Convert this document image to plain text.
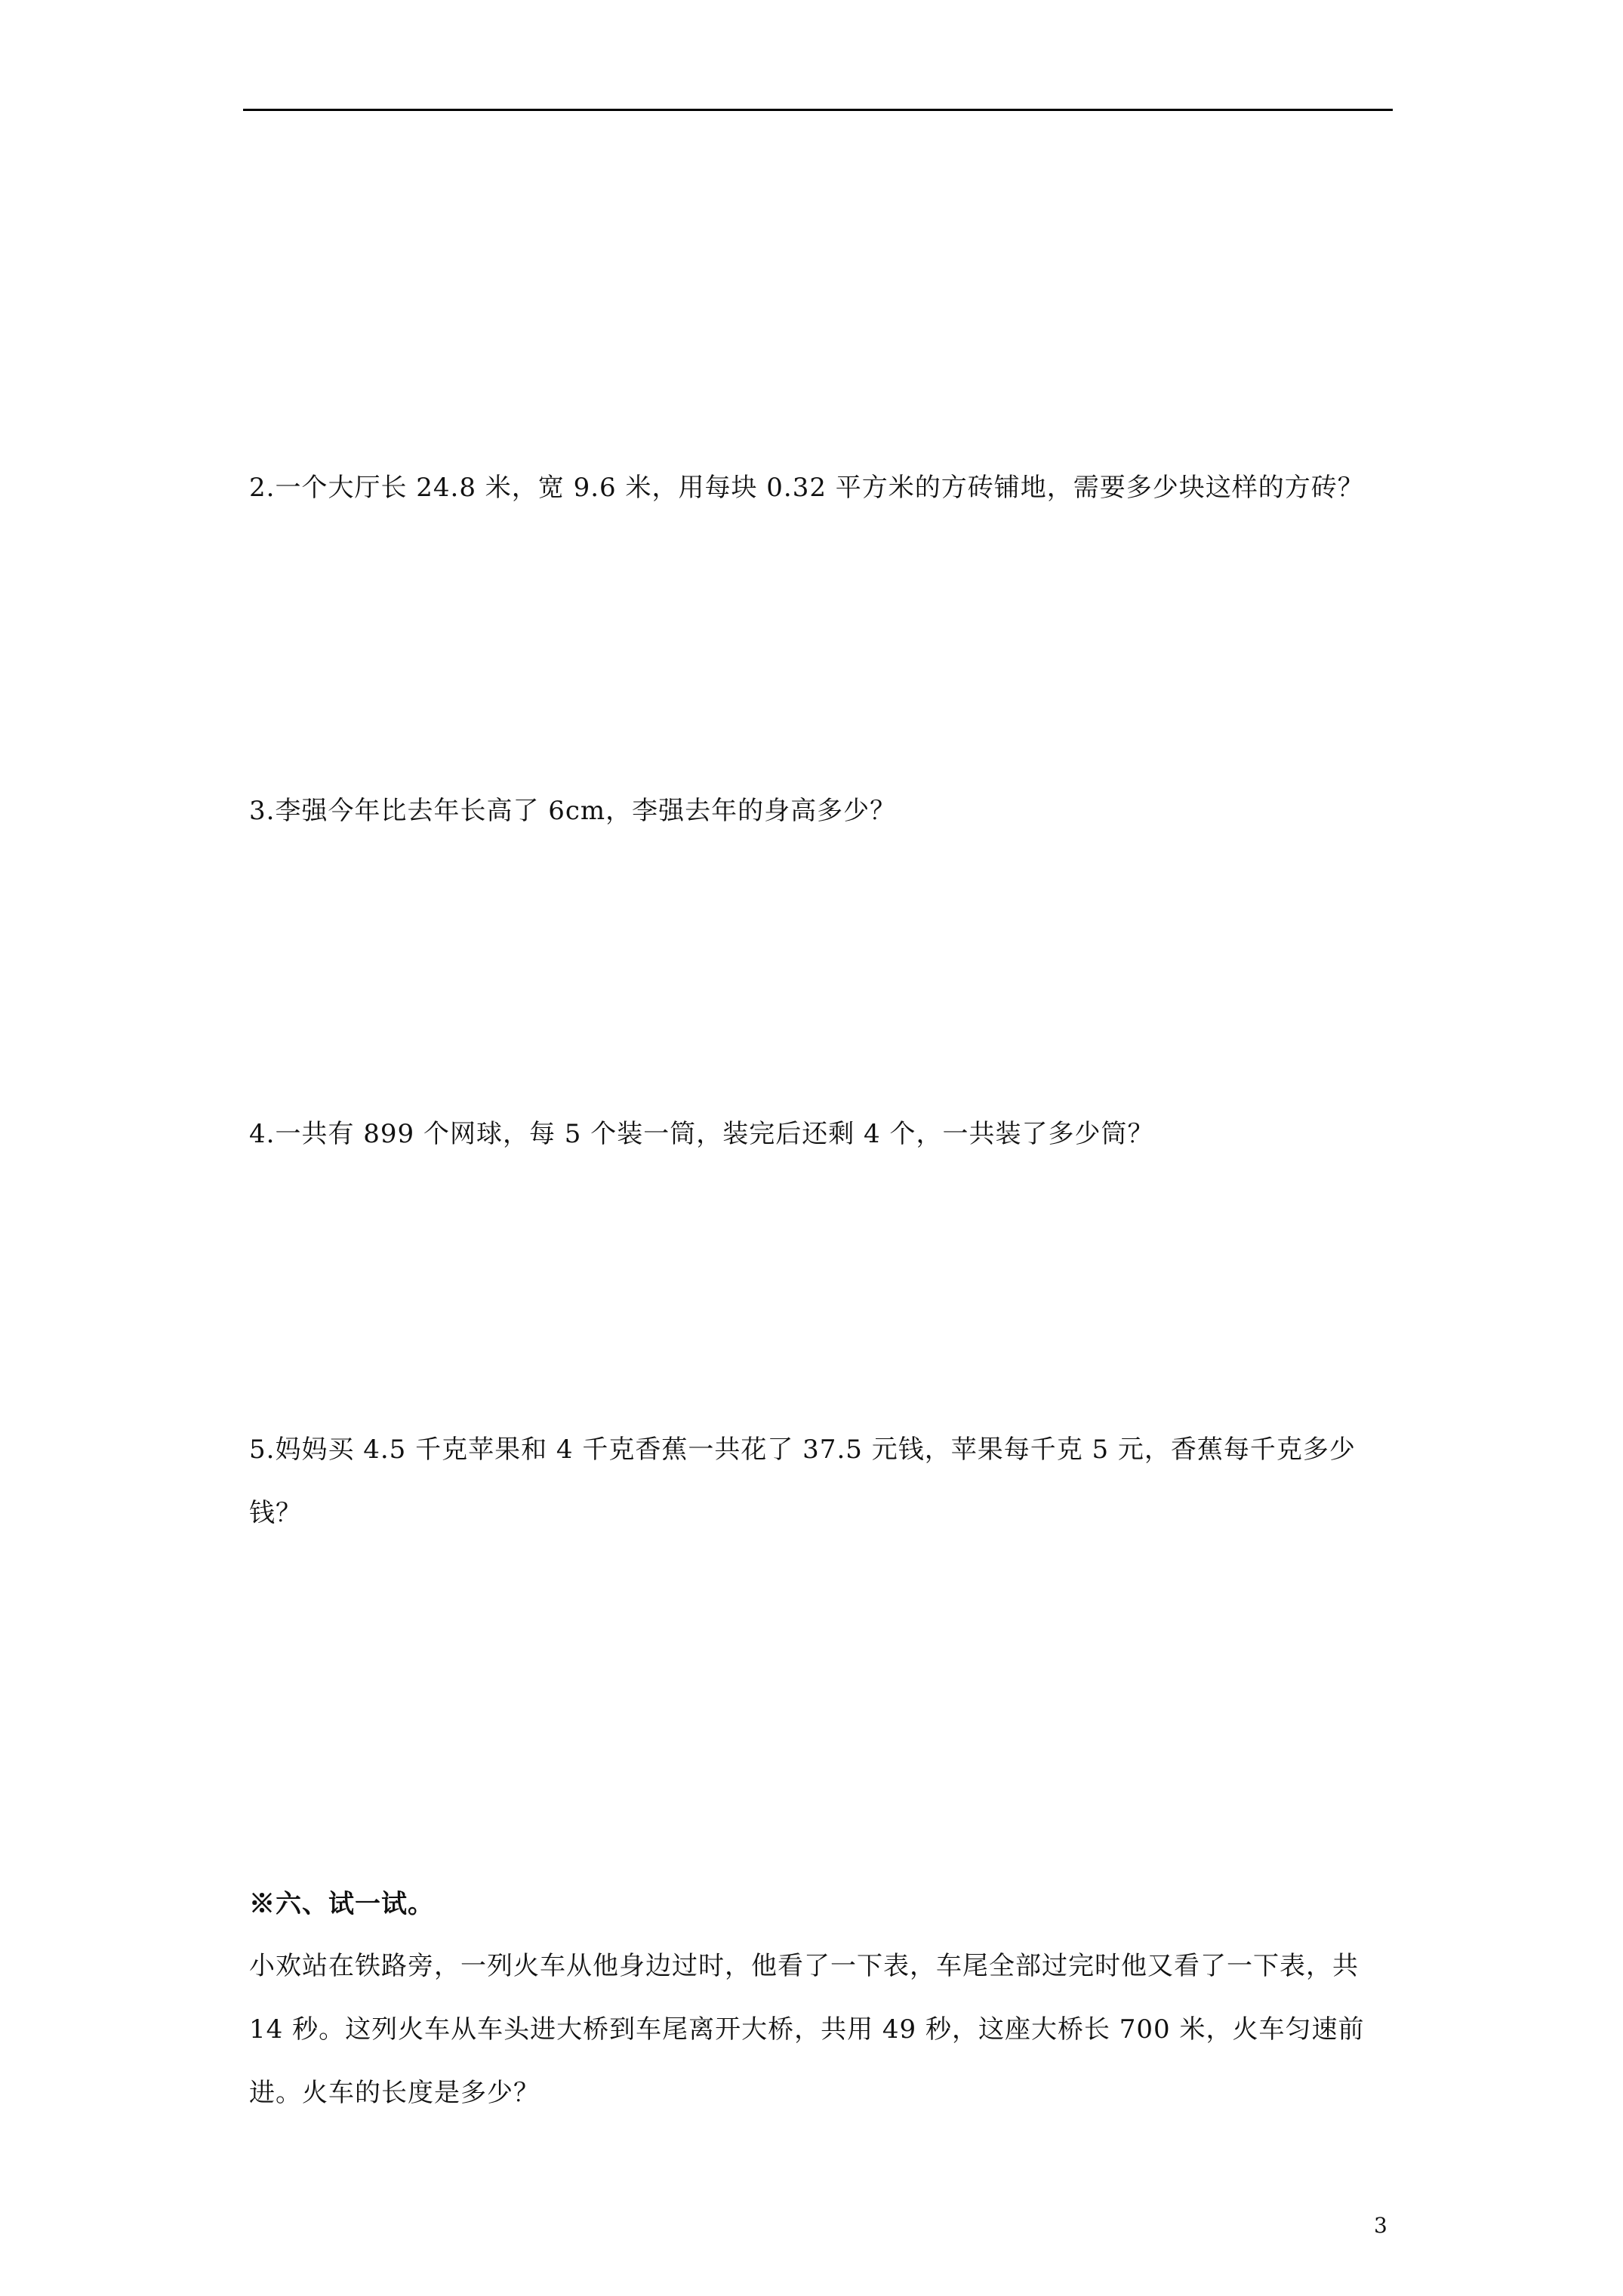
2.一个大厅长 24.8 米，宽 9.6 米，用每块 0.32 平方米的方砖铺地，需要多少块这样的方砖？
3.李强今年比去年长高了 6cm，李强去年的身高多少？
4.一共有 899 个网球，每 5 个装一筒，装完后还剩 4 个，一共装了多少筒？
5.妈妈买 4.5 千克苹果和 4 千克香蕉一共花了 37.5 元钱，苹果每千克 5 元，香蕉每千克多少钱？
※六、试一试。
小欢站在铁路旁，一列火车从他身边过时，他看了一下表，车尾全部过完时他又看了一下表，共 14 秒。这列火车从车头进大桥到车尾离开大桥，共用 49 秒，这座大桥长 700 米，火车匀速前进。火车的长度是多少？
3
